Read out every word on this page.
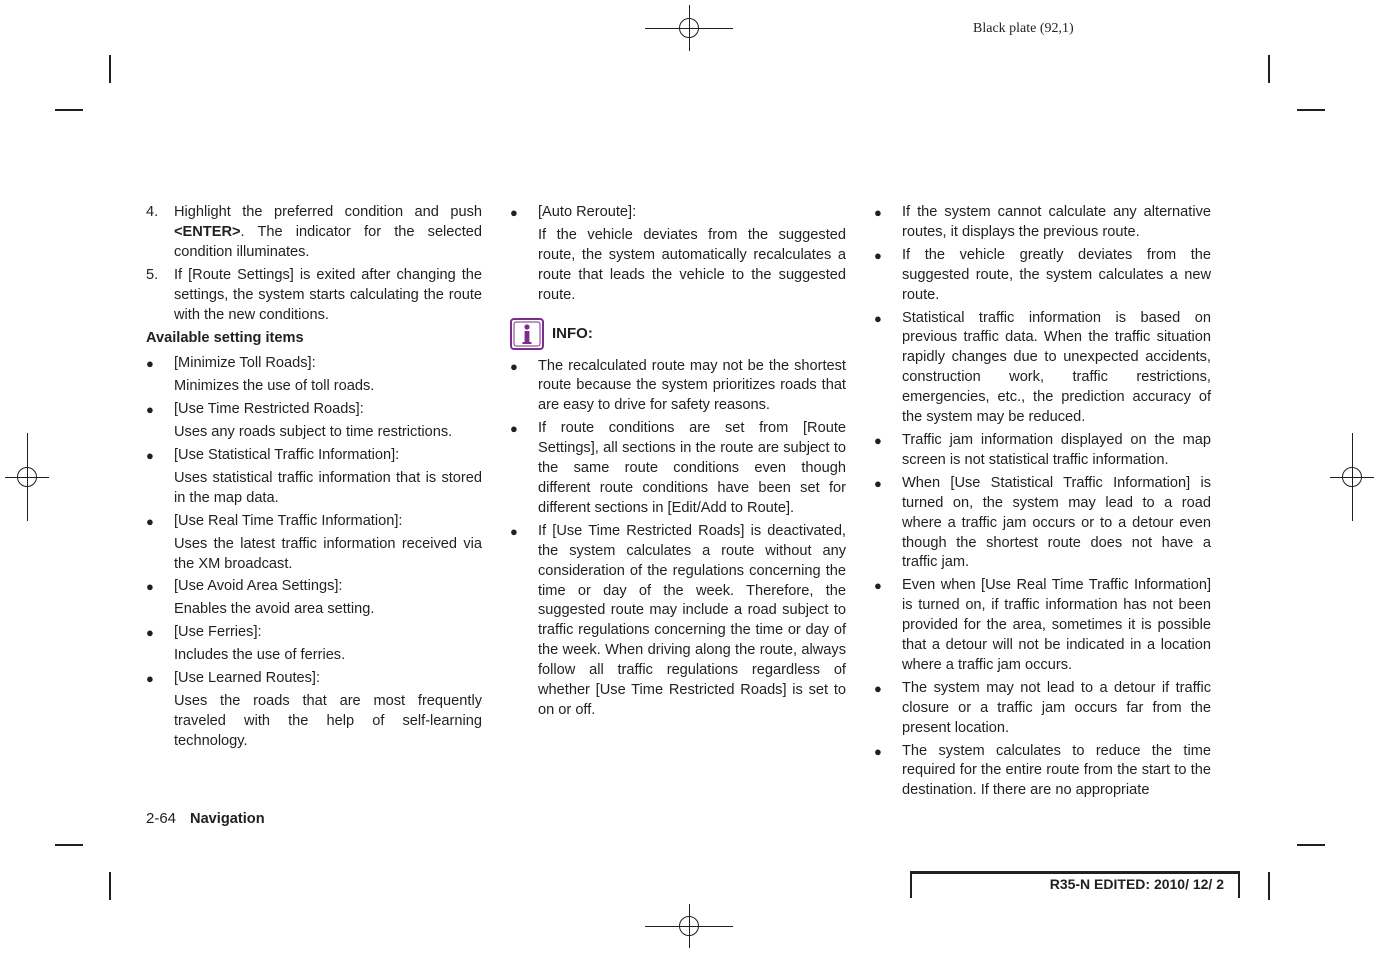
Black plate (92,1)
4. Highlight the preferred condition and push <ENTER>. The indicator for the selected condition illuminates.
5. If [Route Settings] is exited after changing the settings, the system starts calculating the route with the new conditions.
Available setting items
● [Minimize Toll Roads]:
Minimizes the use of toll roads.
● [Use Time Restricted Roads]:
Uses any roads subject to time restrictions.
● [Use Statistical Traffic Information]:
Uses statistical traffic information that is stored in the map data.
● [Use Real Time Traffic Information]:
Uses the latest traffic information received via the XM broadcast.
● [Use Avoid Area Settings]:
Enables the avoid area setting.
● [Use Ferries]:
Includes the use of ferries.
● [Use Learned Routes]:
Uses the roads that are most frequently traveled with the help of self-learning technology.
● [Auto Reroute]:
If the vehicle deviates from the suggested route, the system automatically recalculates a route that leads the vehicle to the suggested route.
INFO:
● The recalculated route may not be the shortest route because the system prioritizes roads that are easy to drive for safety reasons.
● If route conditions are set from [Route Settings], all sections in the route are subject to the same route conditions even though different route conditions have been set for different sections in [Edit/Add to Route].
● If [Use Time Restricted Roads] is deactivated, the system calculates a route without any consideration of the regulations concerning the time or day of the week. Therefore, the suggested route may include a road subject to traffic regulations concerning the time or day of the week. When driving along the route, always follow all traffic regulations regardless of whether [Use Time Restricted Roads] is set to on or off.
● If the system cannot calculate any alternative routes, it displays the previous route.
● If the vehicle greatly deviates from the suggested route, the system calculates a new route.
● Statistical traffic information is based on previous traffic data. When the traffic situation rapidly changes due to unexpected accidents, construction work, traffic restrictions, emergencies, etc., the prediction accuracy of the system may be reduced.
● Traffic jam information displayed on the map screen is not statistical traffic information.
● When [Use Statistical Traffic Information] is turned on, the system may lead to a road where a traffic jam occurs or to a detour even though the shortest route does not have a traffic jam.
● Even when [Use Real Time Traffic Information] is turned on, if traffic information has not been provided for the area, sometimes it is possible that a detour will not be indicated in a location where a traffic jam occurs.
● The system may not lead to a detour if traffic closure or a traffic jam occurs far from the present location.
● The system calculates to reduce the time required for the entire route from the start to the destination. If there are no appropriate
2-64 Navigation
R35-N EDITED: 2010/ 12/ 2
